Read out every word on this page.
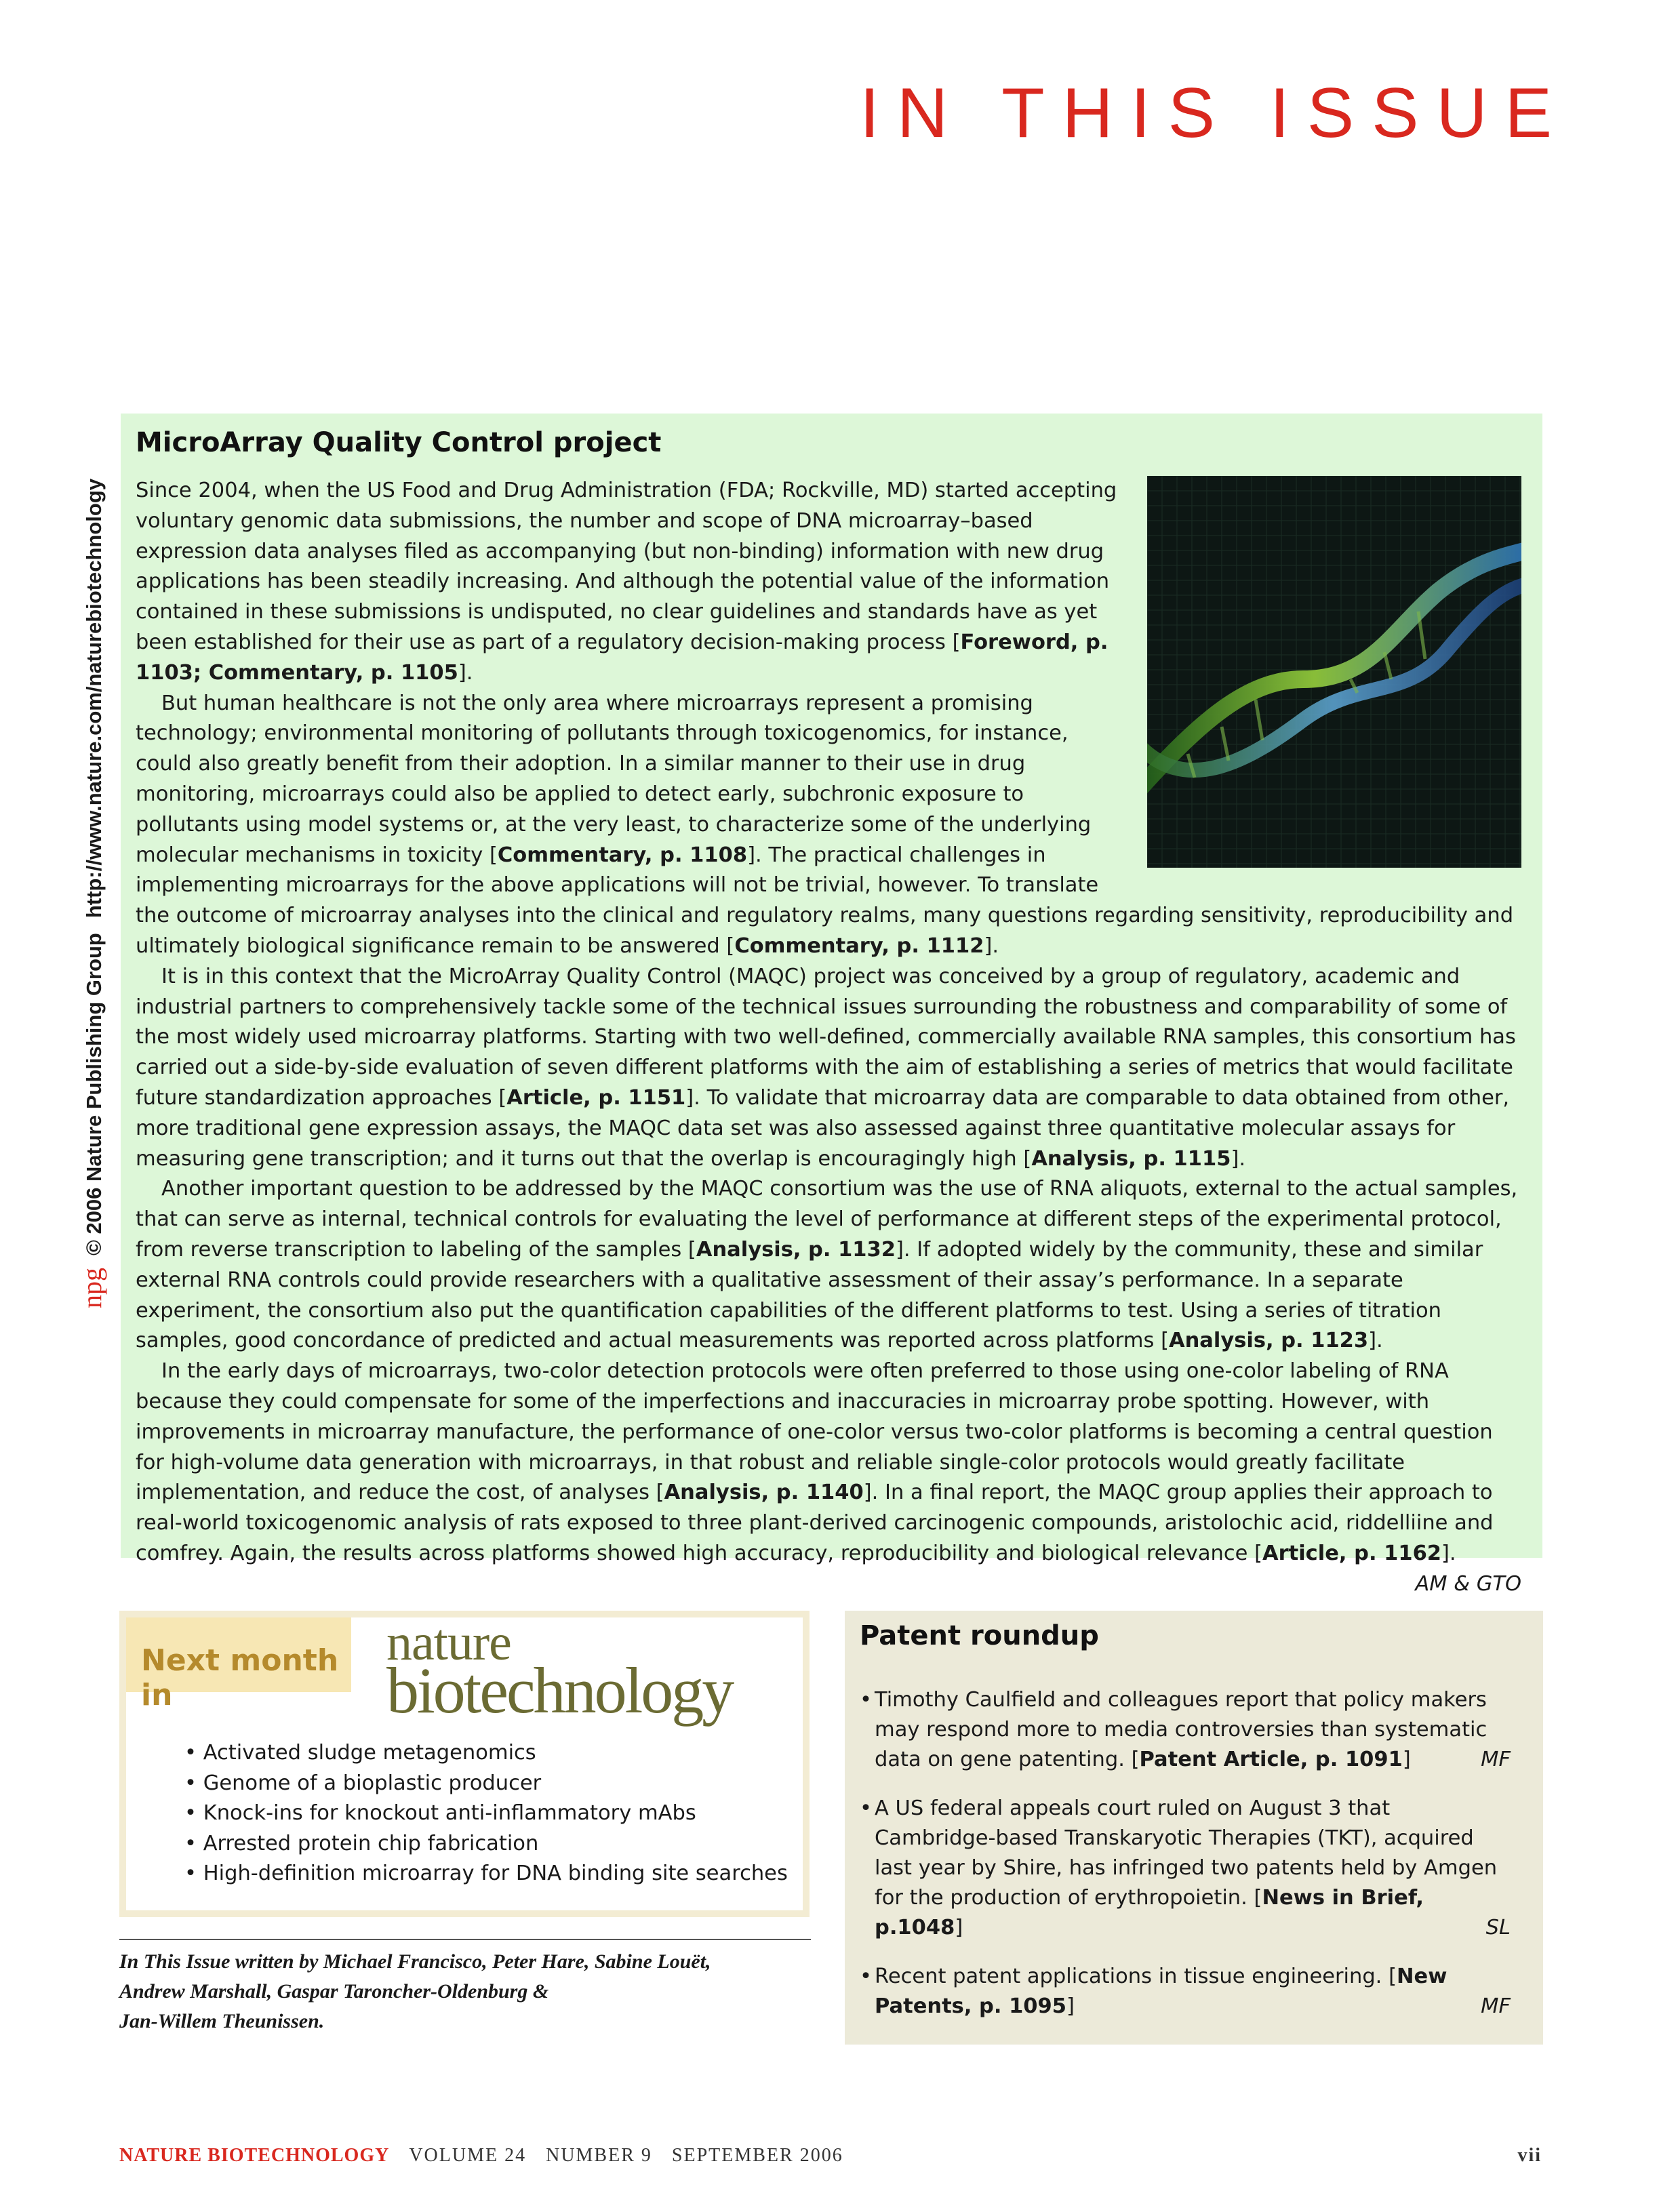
IN THIS ISSUE
npg© 2006 Nature Publishing Grouphttp://www.nature.com/naturebiotechnology
MicroArray Quality Control project

Since 2004, when the US Food and Drug Administration (FDA; Rockville, MD) started accepting voluntary genomic data submissions, the number and scope of DNA microarray–based expression data analyses filed as accompanying (but non-binding) information with new drug applications has been steadily increasing. And although the potential value of the information contained in these submissions is undisputed, no clear guidelines and standards have as yet been established for their use as part of a regulatory decision-making process [Foreword, p. 1103; Commentary, p. 1105].

But human healthcare is not the only area where microarrays represent a promising technology; environmental monitoring of pollutants through toxicogenomics, for instance, could also greatly benefit from their adoption. In a similar manner to their use in drug monitoring, microarrays could also be applied to detect early, subchronic exposure to pollutants using model systems or, at the very least, to characterize some of the underlying molecular mechanisms in toxicity [Commentary, p. 1108]. The practical challenges in implementing microarrays for the above applications will not be trivial, however. To translate the outcome of microarray analyses into the clinical and regulatory realms, many questions regarding sensitivity, reproducibility and ultimately biological significance remain to be answered [Commentary, p. 1112].

It is in this context that the MicroArray Quality Control (MAQC) project was conceived by a group of regulatory, academic and industrial partners to comprehensively tackle some of the technical issues surrounding the robustness and comparability of some of the most widely used microarray platforms. Starting with two well-defined, commercially available RNA samples, this consortium has carried out a side-by-side evaluation of seven different platforms with the aim of establishing a series of metrics that would facilitate future standardization approaches [Article, p. 1151]. To validate that microarray data are comparable to data obtained from other, more traditional gene expression assays, the MAQC data set was also assessed against three quantitative molecular assays for measuring gene transcription; and it turns out that the overlap is encouragingly high [Analysis, p. 1115].

Another important question to be addressed by the MAQC consortium was the use of RNA aliquots, external to the actual samples, that can serve as internal, technical controls for evaluating the level of performance at different steps of the experimental protocol, from reverse transcription to labeling of the samples [Analysis, p. 1132]. If adopted widely by the community, these and similar external RNA controls could provide researchers with a qualitative assessment of their assay’s performance. In a separate experiment, the consortium also put the quantification capabilities of the different platforms to test. Using a series of titration samples, good concordance of predicted and actual measurements was reported across platforms [Analysis, p. 1123].

In the early days of microarrays, two-color detection protocols were often preferred to those using one-color labeling of RNA because they could compensate for some of the imperfections and inaccuracies in microarray probe spotting. However, with improvements in microarray manufacture, the performance of one-color versus two-color platforms is becoming a central question for high-volume data generation with microarrays, in that robust and reliable single-color protocols would greatly facilitate implementation, and reduce the cost, of analyses [Analysis, p. 1140]. In a final report, the MAQC group applies their approach to real-world toxicogenomic analysis of rats exposed to three plant-derived carcinogenic compounds, aristolochic acid, riddelliine and comfrey. Again, the results across platforms showed high accuracy, reproducibility and biological relevance [Article, p. 1162].
AM & GTO

Next month in
nature
biotechnology
• Activated sludge metagenomics
• Genome of a bioplastic producer
• Knock-ins for knockout anti-inflammatory mAbs
• Arrested protein chip fabrication
• High-definition microarray for DNA binding site searches
In This Issue written by Michael Francisco, Peter Hare, Sabine Louët,
Andrew Marshall, Gaspar Taroncher-Oldenburg &
Jan-Willem Theunissen.
Patent roundup
• Timothy Caulfield and colleagues report that policy makers may respond more to media controversies than systematic data on gene patenting. [Patent Article, p. 1091]	MF
• A US federal appeals court ruled on August 3 that Cambridge-based Transkaryotic Therapies (TKT), acquired last year by Shire, has infringed two patents held by Amgen for the production of erythropoietin. [News in Brief, p.1048]	SL
• Recent patent applications in tissue engineering. [New Patents, p. 1095]	MF
NATURE BIOTECHNOLOGY VOLUME 24 NUMBER 9 SEPTEMBER 2006	vii
